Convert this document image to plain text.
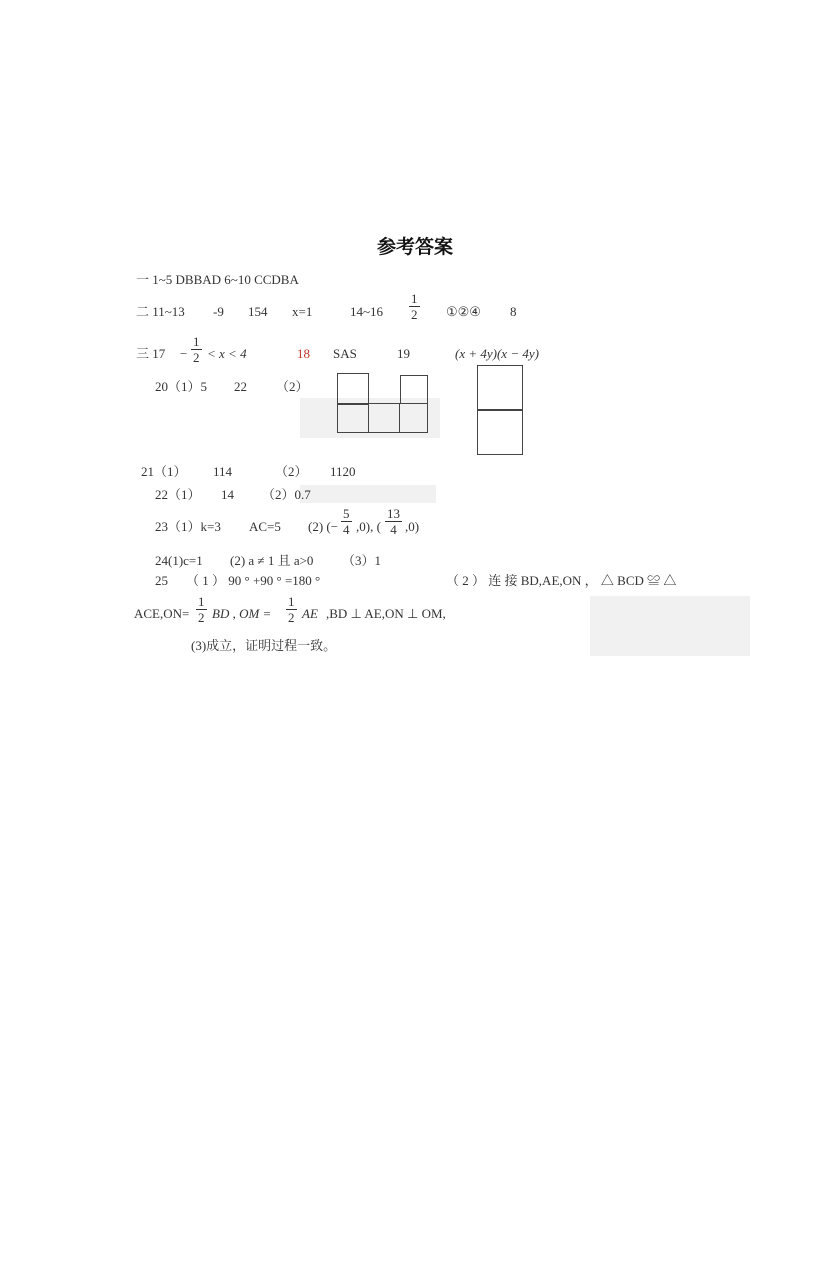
参考答案
一 1~5 DBBAD 6~10 CCDBA
二 11~13 -9 154 x=1	14~16 $\frac{1}{2}$ ①②④ 8
三 $17 - \frac{1}{2} < x < 4$	18 SAS	19	(x + 4y)(x − 4y)
20（1）5 22 （2）
21（1） 114	（2） 1120
22（1） 14 （2）0.7
23（1）k=3 AC=5 (2) (− $\frac{5}{4} ,0$), ( $\frac{13}{4} ,0$)
24(1)c=1 (2) a ≠ 1 且 a>0 （3）1
25 （ 1 ） 90 ° +90 ° =180 °	（ 2 ） 连 接 BD,AE,ON ， △ BCD ≌ △
$ACE,ON= \frac{1}{2}$ BD , OM = $\frac{1}{2}$ AE ,BD ⊥ AE,ON ⊥ OM,
(3)成立，证明过程一致。
